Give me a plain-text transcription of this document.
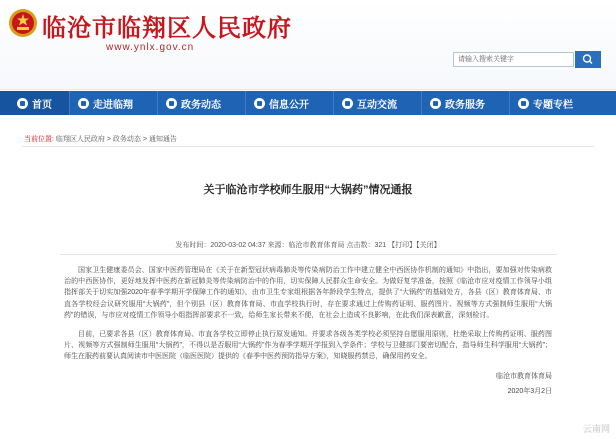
临沧市临翔区人民政府
www.ynlx.gov.cn
请输入搜索关键字
首页	走进临翔	政务动态	信息公开	互动交流	政务服务	专题专栏
当前位置: 临翔区人民政府 > 政务动态 > 通知通告
关于临沧市学校师生服用“大锅药”情况通报
发布时间：2020-03-02 04:37 来源：临沧市教育体育局 点击数：321 【打印】【关闭】

国家卫生健康委员会、国家中医药管理局在《关于在新型冠状病毒肺炎等传染病防治工作中建立健全中西医协作机制的通知》中指出，要加强对传染病救治的中西医协作，更好地发挥中医药在新冠肺炎等传染病防治中的作用，切实保障人民群众生命安全。为做好复学准备，按照《临沧市应对疫情工作领导小组指挥部关于切实加强2020年春季学期开学保障工作的通知》，由市卫生专家组根据各年龄段学生特点，提供了“大锅药”的基础处方，各县（区）教育体育局、市直各学校经会议研究服用“大锅药”，但个别县（区）教育体育局、市直学校执行时，存在要求通过上传购药证明、服药图片、视频等方式强制师生服用“大锅药”的错误，与市应对疫情工作领导小组指挥部要求不一致，给师生家长带来不便，在社会上造成不良影响，在此我们深表歉意，深刻检讨。

目前，已要求各县（区）教育体育局、市直各学校立即停止执行原发通知。并要求各级各类学校必须坚持自愿服用原则，杜绝采取上传购药证明、服药图片、视频等方式强制师生服用“大锅药”，不得以是否服用“大锅药”作为春季学期开学报到入学条件；学校与卫健部门要密切配合，指导师生科学服用“大锅药”；师生在服药前要认真阅读市中医医院（临医医院）提供的《春季中医药预防指导方案》，知晓服药禁忌，确保用药安全。

临沧市教育体育局

2020年3月2日

云南网
